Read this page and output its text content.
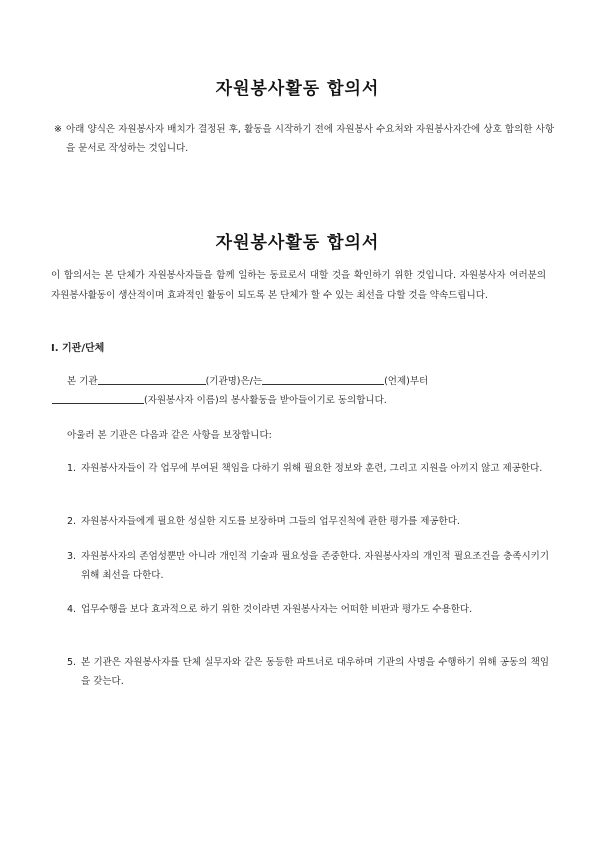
자원봉사활동 합의서
※ 아래 양식은 자원봉사자 배치가 결정된 후, 활동을 시작하기 전에 자원봉사 수요처와 자원봉사자간에 상호 합의한 사항을 문서로 작성하는 것입니다.
자원봉사활동 합의서
이 합의서는 본 단체가 자원봉사자들을 함께 일하는 동료로서 대할 것을 확인하기 위한 것입니다. 자원봉사자 여러분의 자원봉사활동이 생산적이며 효과적인 활동이 되도록 본 단체가 할 수 있는 최선을 다할 것을 약속드립니다.
Ⅰ. 기관/단체
본 기관	(기관명)은/는	(언제)부터
(자원봉사자 이름)의 봉사활동을 받아들이기로 동의합니다.
아울러 본 기관은 다음과 같은 사항을 보장합니다:
1. 자원봉사자들이 각 업무에 부여된 책임을 다하기 위해 필요한 정보와 훈련, 그리고 지원을 아끼지 않고 제공한다.
2. 자원봉사자들에게 필요한 성실한 지도를 보장하며 그들의 업무진척에 관한 평가를 제공한다.
3. 자원봉사자의 존엄성뿐만 아니라 개인적 기술과 필요성을 존중한다. 자원봉사자의 개인적 필요조건을 충족시키기 위해 최선을 다한다.
4. 업무수행을 보다 효과적으로 하기 위한 것이라면 자원봉사자는 어떠한 비판과 평가도 수용한다.
5. 본 기관은 자원봉사자를 단체 실무자와 같은 동등한 파트너로 대우하며 기관의 사명을 수행하기 위해 공동의 책임을 갖는다.
